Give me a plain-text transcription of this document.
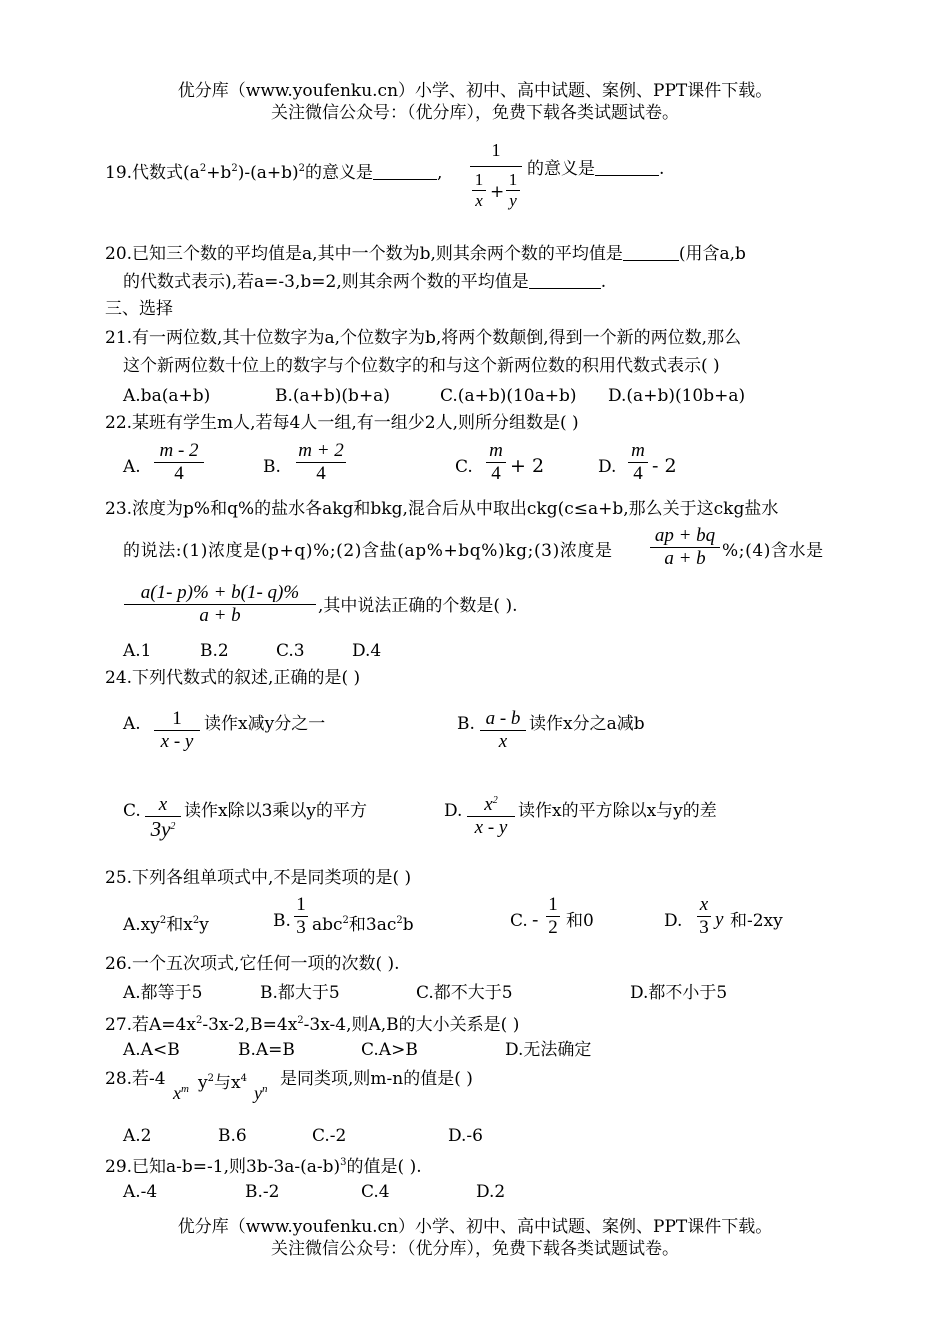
优分库（www.youfenku.cn）小学、初中、高中试题、案例、PPT课件下载。
关注微信公众号：（优分库），免费下载各类试题试卷。
19.代数式$(a^2+b^2)-(a+b)^2$的意义是	,
1
1
x +
1
y
的意义是	.
20.已知三个数的平均值是a,其中一个数为b,则其余两个数的平均值是	(用含a,b
的代数式表示),若a=-3,b=2,则其余两个数的平均值是	.
三、选择
21.有一两位数,其十位数字为a,个位数字为b,将两个数颠倒,得到一个新的两位数,那么
这个新两位数十位上的数字与个位数字的和与这个新两位数的积用代数式表示( )
A.ba(a+b)	B.(a+b)(b+a)	C.(a+b)(10a+b) D.(a+b)(10b+a)
22.某班有学生m人,若每4人一组,有一组少2人,则所分组数是( )
A.
m - 2
4	B.
m + 2
4	C.
m
4 + 2	D.
m
4 - 2
23.浓度为p%和q%的盐水各akg和bkg,混合后从中取出ckg(c≤a+b,那么关于这ckg盐水
的说法:(1)浓度是(p+q)%;(2)含盐(ap%+bq%)kg;(3)浓度是
ap + bq
a + b %;(4)含水是
a(1- p)% + b(1- q)%
a + b	,其中说法正确的个数是( ).
A.1	B.2	C.3	D.4
24.下列代数式的叙述,正确的是( )
A.	1
x - y
读作x减y分之一	B. a - b
x
读作x分之a减b
C. x
$3y^2$
读作x除以3乘以y的平方	D.	$x^2$
x - y
读作x的平方除以x与y的差
25.下列各组单项式中,不是同类项的是( )
$A.xy^2$和$x^2y$	B.
1
3 abc$^2$和$3ac^2b$	C. -
1
2 和0	D.
x
3 y 和-2xy
26.一个五次项式,它任何一项的次数( ).
A.都等于5	B.都大于5	C.都不大于5	D.都不小于5
27.若$A=4x^2-3x-2,B=4x^2-3x-4$,则A,B的大小关系是( )
A.A<B	B.A=B	C.A>B	D.无法确定
28.若-4
$x^m$ $y^2$与$x^4$
$y^n$ 是同类项,则m-n的值是( )
A.2	B.6	C.-2	D.-6
29.已知a-b=-1,则$3b-3a-(a-b)^3$的值是( ).
A.-4	B.-2	C.4	D.2
优分库（www.youfenku.cn）小学、初中、高中试题、案例、PPT课件下载。
关注微信公众号：（优分库），免费下载各类试题试卷。
